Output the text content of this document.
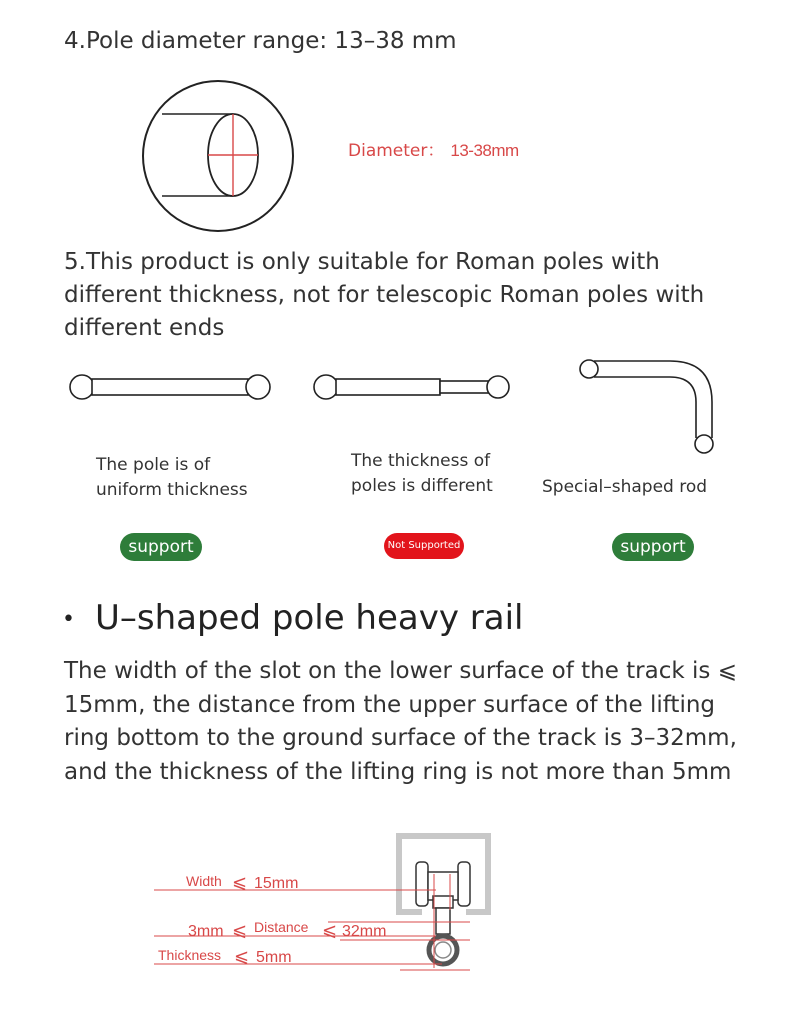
4.Pole diameter range: 13–38 mm
Diameter： 13-38mm
5.This product is only suitable for Roman poles with different thickness, not for telescopic Roman poles with different ends
The pole is of
uniform thickness
The thickness of
poles is different	Special–shaped rod
support	Not Supported	support
• U–shaped pole heavy rail
The width of the slot on the lower surface of the track is ⩽ 15mm, the distance from the upper surface of the lifting ring bottom to the ground surface of the track is 3–32mm, and the thickness of the lifting ring is not more than 5mm
Width ⩽ 15mm
3mm ⩽ Distance ⩽ 32mm
Thickness ⩽ 5mm
